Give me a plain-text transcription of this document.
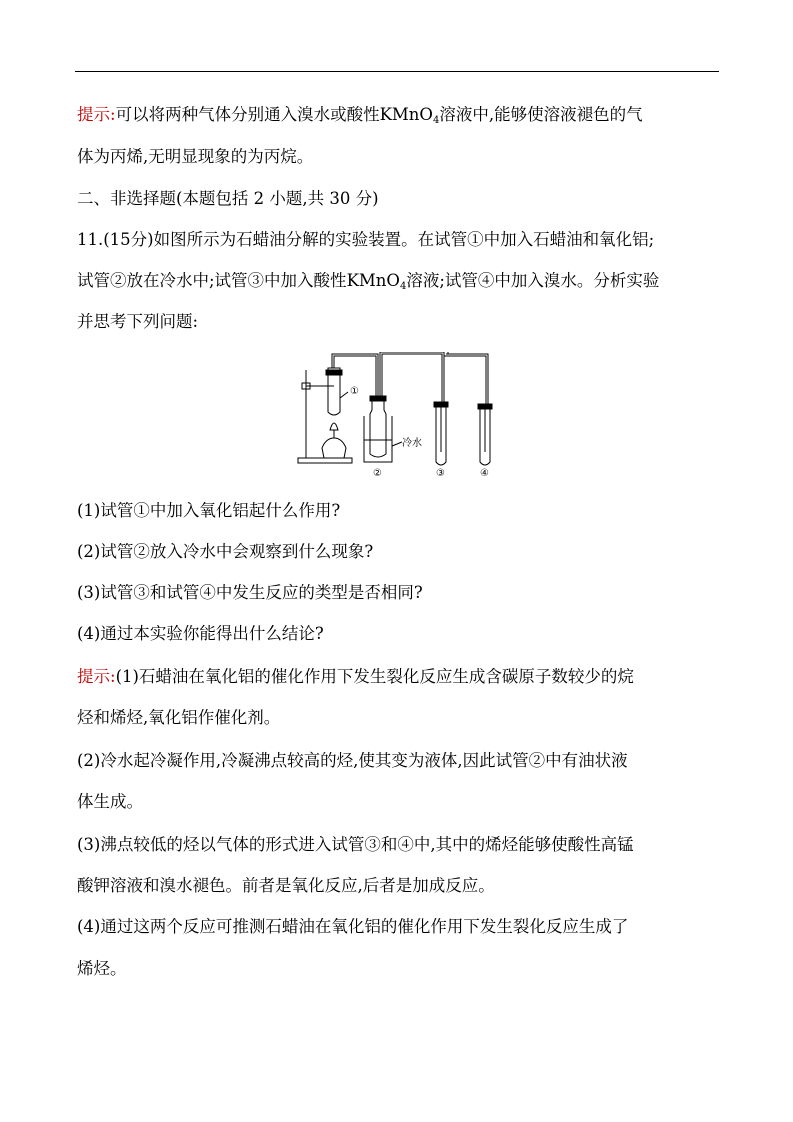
提示:可以将两种气体分别通入溴水或酸性KMnO$_4$溶液中,能够使溶液褪色的气
体为丙烯,无明显现象的为丙烷。
二、非选择题(本题包括 2 小题,共 30 分)
11.(15分)如图所示为石蜡油分解的实验装置。在试管①中加入石蜡油和氧化铝;
试管②放在冷水中;试管③中加入酸性KMnO$_4$溶液;试管④中加入溴水。分析实验
并思考下列问题:
①
冷水
②	③	④
(1)试管①中加入氧化铝起什么作用?
(2)试管②放入冷水中会观察到什么现象?
(3)试管③和试管④中发生反应的类型是否相同?
(4)通过本实验你能得出什么结论?
提示:(1)石蜡油在氧化铝的催化作用下发生裂化反应生成含碳原子数较少的烷
烃和烯烃,氧化铝作催化剂。
(2)冷水起冷凝作用,冷凝沸点较高的烃,使其变为液体,因此试管②中有油状液
体生成。
(3)沸点较低的烃以气体的形式进入试管③和④中,其中的烯烃能够使酸性高锰
酸钾溶液和溴水褪色。前者是氧化反应,后者是加成反应。
(4)通过这两个反应可推测石蜡油在氧化铝的催化作用下发生裂化反应生成了
烯烃。
